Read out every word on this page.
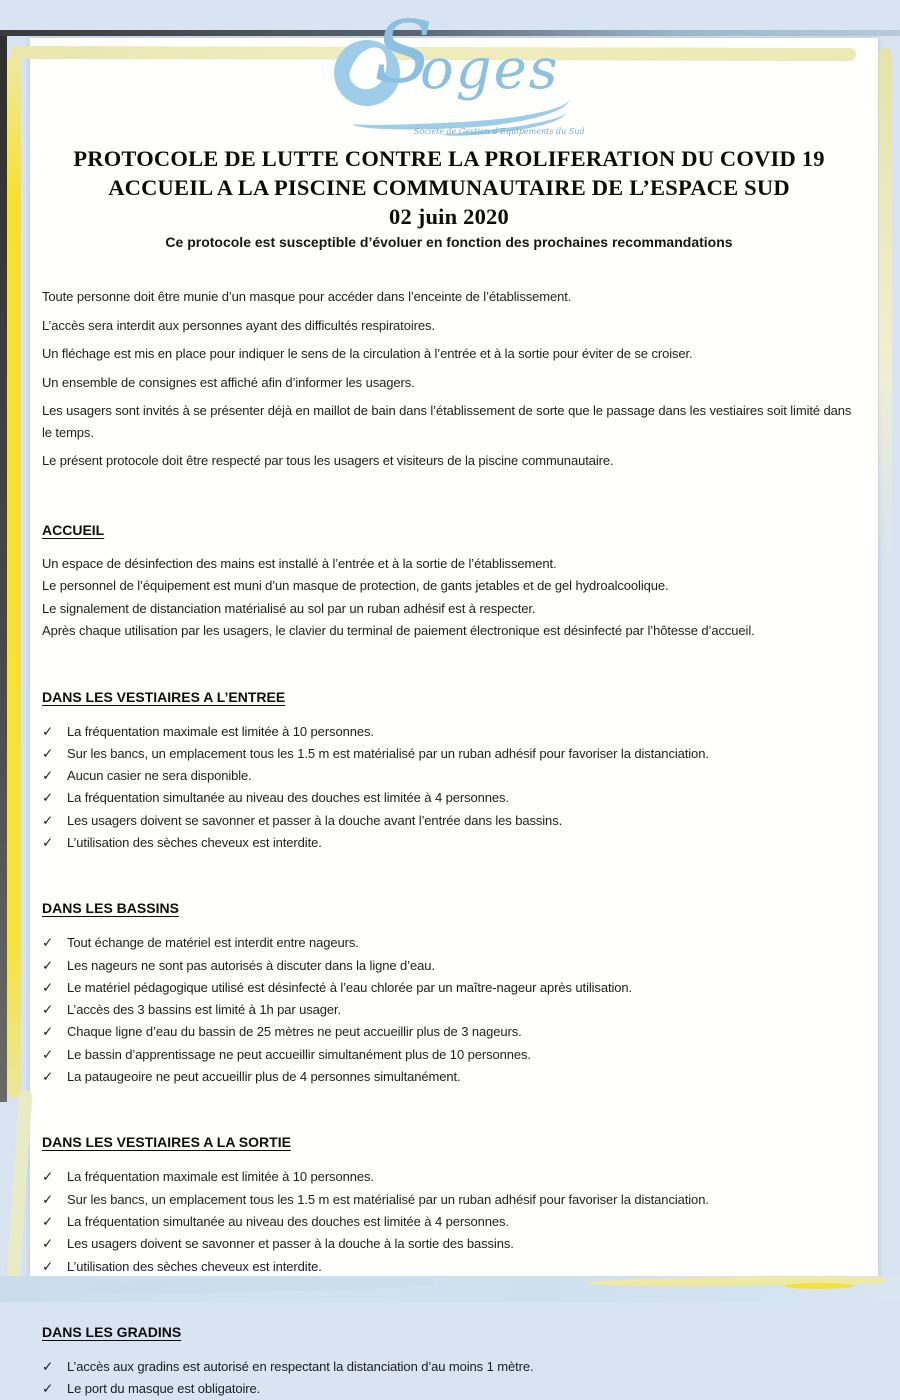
S
oges
Société de Gestion d’Equipements du Sud
PROTOCOLE DE LUTTE CONTRE LA PROLIFERATION DU COVID 19
ACCUEIL A LA PISCINE COMMUNAUTAIRE DE L’ESPACE SUD
02 juin 2020
Ce protocole est susceptible d’évoluer en fonction des prochaines recommandations

Toute personne doit être munie d’un masque pour accéder dans l’enceinte de l’établissement.

L’accès sera interdit aux personnes ayant des difficultés respiratoires.

Un fléchage est mis en place pour indiquer le sens de la circulation à l’entrée et à la sortie pour éviter de se croiser.

Un ensemble de consignes est affiché afin d’informer les usagers.

Les usagers sont invités à se présenter déjà en maillot de bain dans l’établissement de sorte que le passage dans les vestiaires soit limité dans le temps.

Le présent protocole doit être respecté par tous les usagers et visiteurs de la piscine communautaire.

ACCUEIL
Un espace de désinfection des mains est installé à l’entrée et à la sortie de l’établissement.
Le personnel de l’équipement est muni d’un masque de protection, de gants jetables et de gel hydroalcoolique.
Le signalement de distanciation matérialisé au sol par un ruban adhésif est à respecter.
Après chaque utilisation par les usagers, le clavier du terminal de paiement électronique est désinfecté par l’hôtesse d’accueil.
DANS LES VESTIAIRES A L’ENTREE
✓	La fréquentation maximale est limitée à 10 personnes.
✓	Sur les bancs, un emplacement tous les 1.5 m est matérialisé par un ruban adhésif pour favoriser la distanciation.
✓	Aucun casier ne sera disponible.
✓	La fréquentation simultanée au niveau des douches est limitée à 4 personnes.
✓	Les usagers doivent se savonner et passer à la douche avant l’entrée dans les bassins.
✓	L’utilisation des sèches cheveux est interdite.
DANS LES BASSINS
✓	Tout échange de matériel est interdit entre nageurs.
✓	Les nageurs ne sont pas autorisés à discuter dans la ligne d’eau.
✓	Le matériel pédagogique utilisé est désinfecté à l’eau chlorée par un maître-nageur après utilisation.
✓	L’accès des 3 bassins est limité à 1h par usager.
✓	Chaque ligne d’eau du bassin de 25 mètres ne peut accueillir plus de 3 nageurs.
✓	Le bassin d’apprentissage ne peut accueillir simultanément plus de 10 personnes.
✓	La pataugeoire ne peut accueillir plus de 4 personnes simultanément.
DANS LES VESTIAIRES A LA SORTIE
✓	La fréquentation maximale est limitée à 10 personnes.
✓	Sur les bancs, un emplacement tous les 1.5 m est matérialisé par un ruban adhésif pour favoriser la distanciation.
✓	La fréquentation simultanée au niveau des douches est limitée à 4 personnes.
✓	Les usagers doivent se savonner et passer à la douche à la sortie des bassins.
✓	L’utilisation des sèches cheveux est interdite.
DANS LES GRADINS
✓	L’accès aux gradins est autorisé en respectant la distanciation d’au moins 1 mètre.
✓	Le port du masque est obligatoire.
